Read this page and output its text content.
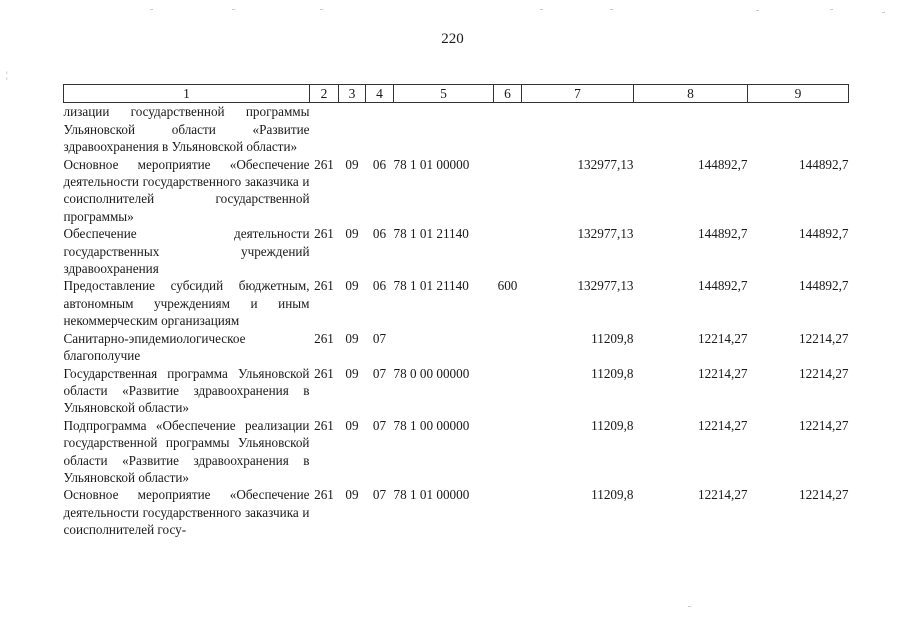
220
¦
1	2	3	4	5	6	7	8	9
лизации государственной программы Ульяновской области «Развитие здравоохранения в Ульяновской области»								
Основное мероприятие «Обеспечение деятельности государственного заказчика и соисполнителей государственной программы»	261	09	06	78 1 01 00000		132977,13	144892,7	144892,7
Обеспечение деятельности государственных учреждений здравоохранения	261	09	06	78 1 01 21140		132977,13	144892,7	144892,7
Предоставление субсидий бюджетным, автономным учреждениям и иным некоммерческим организациям	261	09	06	78 1 01 21140	600	132977,13	144892,7	144892,7
Санитарно-эпидемиологическое благополучие	261	09	07			11209,8	12214,27	12214,27
Государственная программа Ульяновской области «Развитие здравоохранения в Ульяновской области»	261	09	07	78 0 00 00000		11209,8	12214,27	12214,27
Подпрограмма «Обеспечение реализации государственной программы Ульяновской области «Развитие здравоохранения в Ульяновской области»	261	09	07	78 1 00 00000		11209,8	12214,27	12214,27
Основное мероприятие «Обеспечение деятельности государственного заказчика и соисполнителей госу-	261	09	07	78 1 01 00000		11209,8	12214,27	12214,27
